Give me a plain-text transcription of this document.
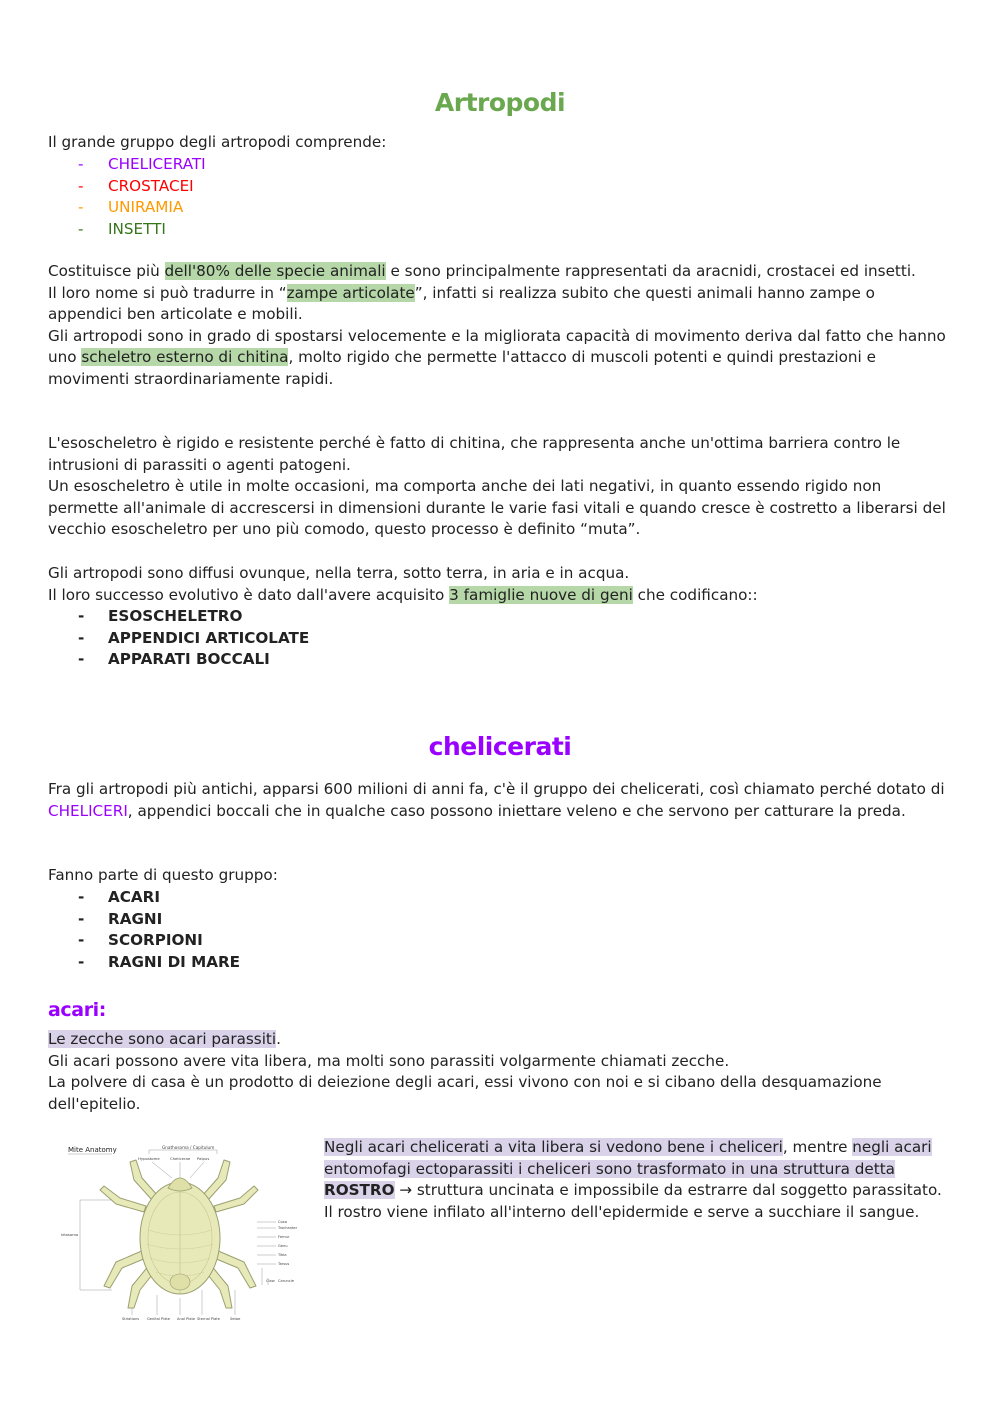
Artropodi

Il grande gruppo degli artropodi comprende:

-	CHELICERATI
-	CROSTACEI
-	UNIRAMIA
-	INSETTI

Costituisce più dell'80% delle specie animali e sono principalmente rappresentati da aracnidi, crostacei ed insetti.

Il loro nome si può tradurre in “zampe articolate”, infatti si realizza subito che questi animali hanno zampe o appendici ben articolate e mobili.

Gli artropodi sono in grado di spostarsi velocemente e la migliorata capacità di movimento deriva dal fatto che hanno uno scheletro esterno di chitina, molto rigido che permette l'attacco di muscoli potenti e quindi prestazioni e movimenti straordinariamente rapidi.

L'esoscheletro è rigido e resistente perché è fatto di chitina, che rappresenta anche un'ottima barriera contro le intrusioni di parassiti o agenti patogeni.

Un esoscheletro è utile in molte occasioni, ma comporta anche dei lati negativi, in quanto essendo rigido non permette all'animale di accrescersi in dimensioni durante le varie fasi vitali e quando cresce è costretto a liberarsi del vecchio esoscheletro per uno più comodo, questo processo è definito “muta”.

Gli artropodi sono diffusi ovunque, nella terra, sotto terra, in aria e in acqua.

Il loro successo evolutivo è dato dall'avere acquisito 3 famiglie nuove di geni che codificano::

-	ESOSCHELETRO
-	APPENDICI ARTICOLATE
-	APPARATI BOCCALI
chelicerati

Fra gli artropodi più antichi, apparsi 600 milioni di anni fa, c'è il gruppo dei chelicerati, così chiamato perché dotato di CHELICERI, appendici boccali che in qualche caso possono iniettare veleno e che servono per catturare la preda.

Fanno parte di questo gruppo:

-	ACARI
-	RAGNI
-	SCORPIONI
-	RAGNI DI MARE
acari:

Le zecche sono acari parassiti.

Gli acari possono avere vita libera, ma molti sono parassiti volgarmente chiamati zecche.

La polvere di casa è un prodotto di deiezione degli acari, essi vivono con noi e si cibano della desquamazione dell'epitelio.

Negli acari chelicerati a vita libera si vedono bene i cheliceri, mentre negli acari entomofagi ectoparassiti i cheliceri sono trasformato in una struttura detta ROSTRO → struttura uncinata e impossibile da estrarre dal soggetto parassitato.

Il rostro viene infilato all'interno dell'epidermide e serve a succhiare il sangue.

Mite Anatomy	Gnathosoma / Capitulum
Hypostome	Chelicerae Palpus
Idiosoma
Coxa
Trochanter
Femur
Genu
Tibia
Tarsus
Claw Caruncle
Striations Genital Plate Anal Plate Sternal Plate	Setae
